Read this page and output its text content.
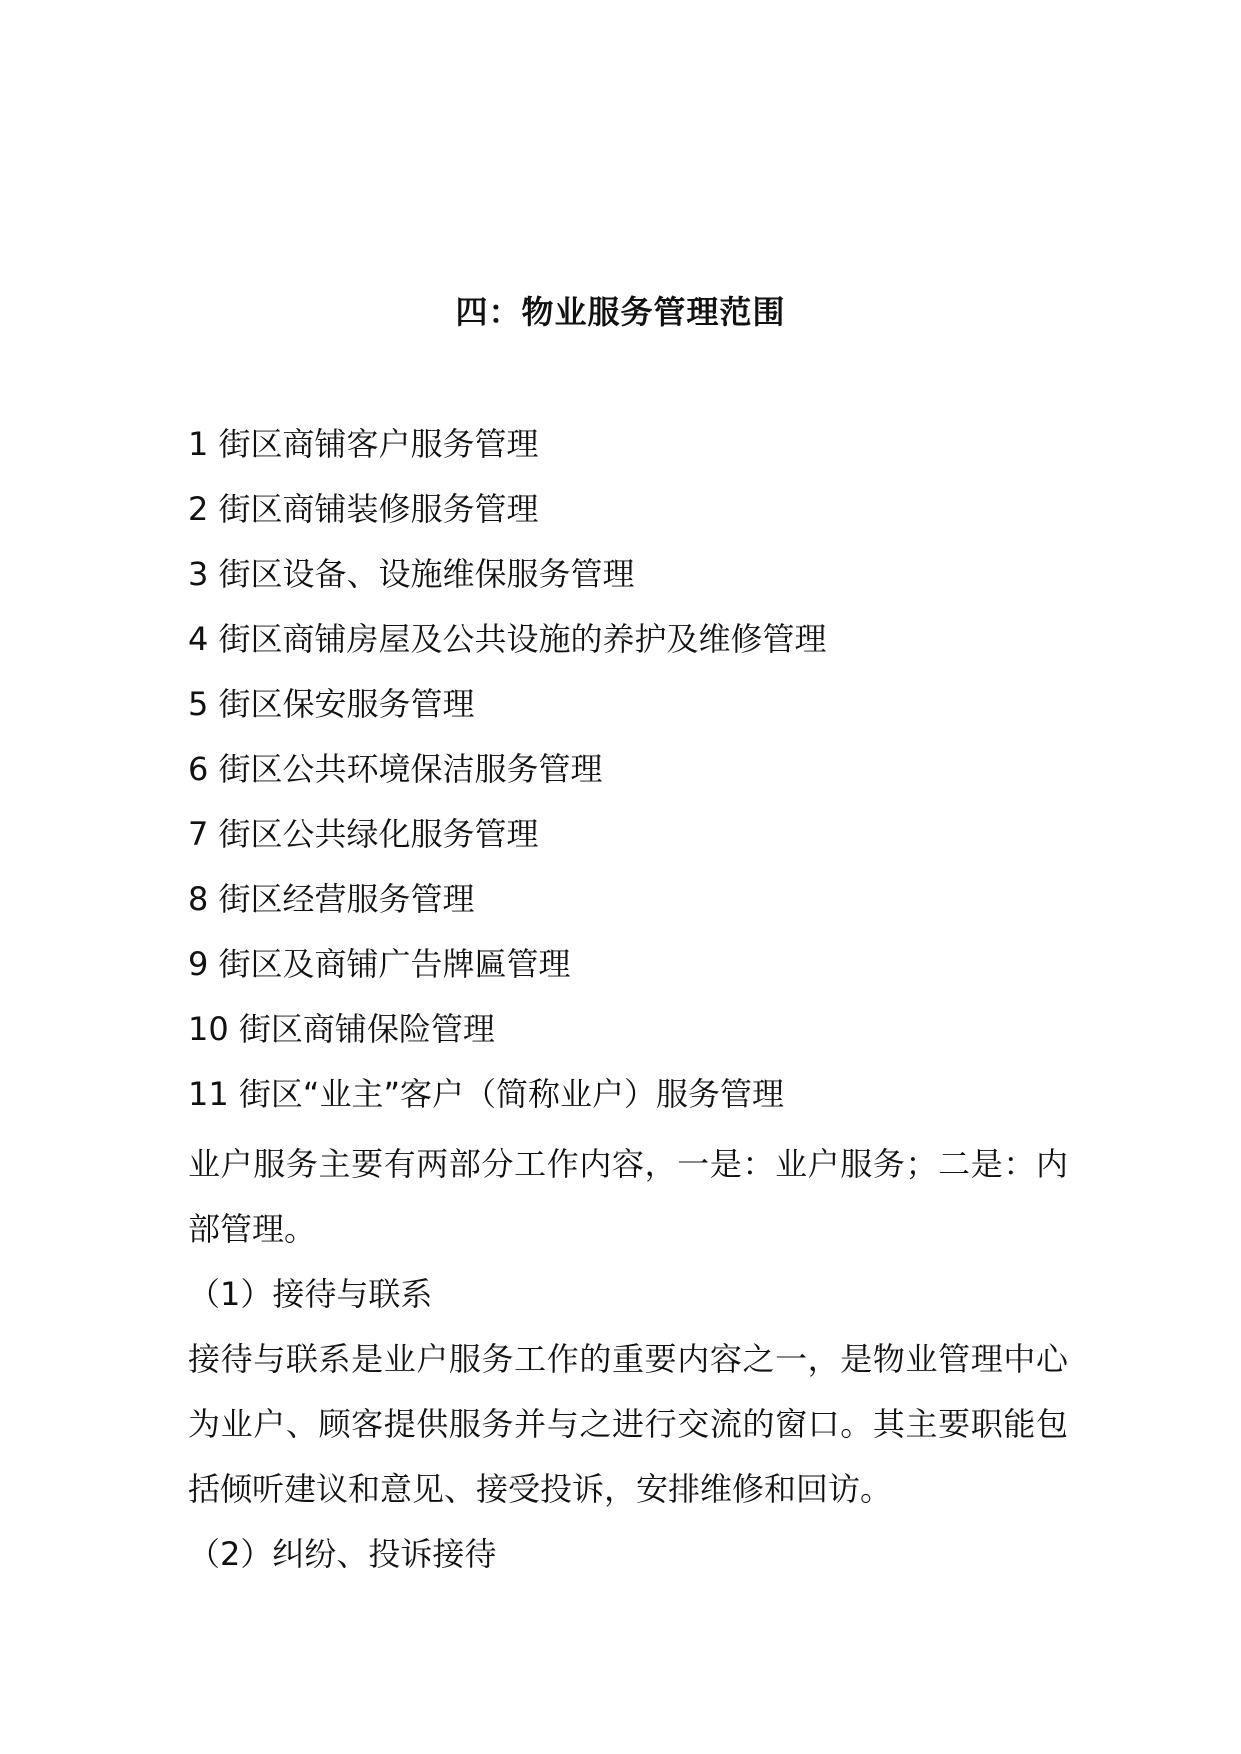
四：物业服务管理范围
1 街区商铺客户服务管理
2 街区商铺装修服务管理
3 街区设备、设施维保服务管理
4 街区商铺房屋及公共设施的养护及维修管理
5 街区保安服务管理
6 街区公共环境保洁服务管理
7 街区公共绿化服务管理
8 街区经营服务管理
9 街区及商铺广告牌匾管理
10 街区商铺保险管理
11 街区“业主”客户（简称业户）服务管理

业户服务主要有两部分工作内容，一是：业户服务；二是：内部管理。

（1）接待与联系

接待与联系是业户服务工作的重要内容之一，是物业管理中心为业户、顾客提供服务并与之进行交流的窗口。其主要职能包括倾听建议和意见、接受投诉，安排维修和回访。

（2）纠纷、投诉接待
